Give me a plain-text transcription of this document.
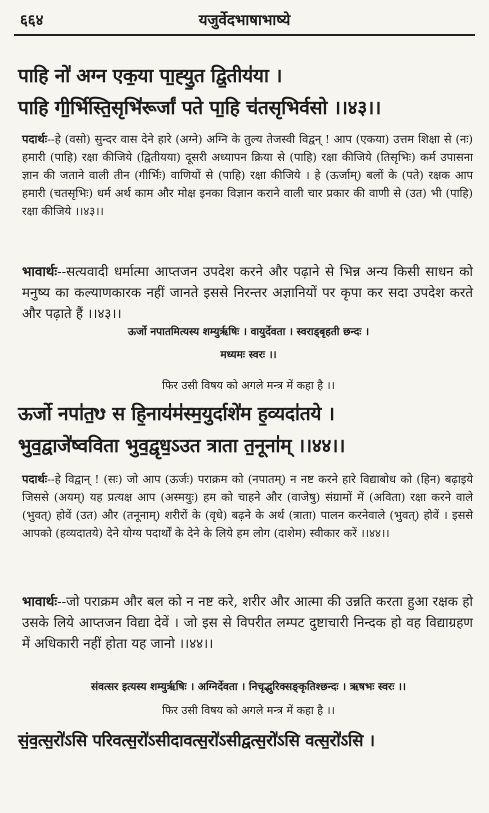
६६४	यजुर्वेदभाषाभाष्ये
पाहि नो॑ अग्न एक॒या पा॒ह्यु॒त द्वि॒तीय॑या ।
पाहि गी॒र्भिस्ति॒सृभि॑रूर्जां पते पा॒हि च॑तसृभिर्वसो ।।४३।।
पदार्थः--हे (वसो) सुन्दर वास देने हारे (अग्ने) अग्नि के तुल्य तेजस्वी विद्वन् ! आप (एकया) उत्तम शिक्षा से (नः) हमारी (पाहि) रक्षा कीजिये (द्वितीयया) दूसरी अध्यापन क्रिया से (पाहि) रक्षा कीजिये (तिसृभिः) कर्म उपासना ज्ञान की जताने वाली तीन (गीर्भिः) वाणियों से (पाहि) रक्षा कीजिये । हे (ऊर्जाम्) बलों के (पते) रक्षक आप हमारी (चतसृभिः) धर्म अर्थ काम और मोक्ष इनका विज्ञान कराने वाली चार प्रकार की वाणी से (उत) भी (पाहि) रक्षा कीजिये ।।४३।।
भावार्थः--सत्यवादी धर्मात्मा आप्तजन उपदेश करने और पढ़ाने से भिन्न अन्य किसी साधन को मनुष्य का कल्याणकारक नहीं जानते इससे निरन्तर अज्ञानियों पर कृपा कर सदा उपदेश करते और पढ़ाते हैं ।।४३।।
ऊर्जो नपातमित्यस्य शम्युर्ऋषिः । वायुर्देवता । स्वराड्बृहती छन्दः ।
मध्यमः स्वरः ।।
फिर उसी विषय को अगले मन्त्र में कहा है ।।
ऊर्जो नपा॑त॒ᳪ स हि॒नाय॑म॑स्म॒युर्दाशे॑म ह॒व्यदा॑तये ।
भुव॒द्वाजे॑ष्वविता भुव॒द्वृध॒ऽउत त्राता त॒नूना॑म् ।।४४।।
पदार्थः--हे विद्वान् ! (सः) जो आप (ऊर्जः) पराक्रम को (नपातम्) न नष्ट करने हारे विद्याबोध को (हिन) बढ़ाइये जिससे (अयम्) यह प्रत्यक्ष आप (अस्मयुः) हम को चाहने और (वाजेषु) संग्रामों में (अविता) रक्षा करने वाले (भुवत्) होवें (उत) और (तनूनाम्) शरीरों के (वृधे) बढ़ने के अर्थ (त्राता) पालन करनेवाले (भुवत्) होवें । इससे आपको (हव्यदातये) देने योग्य पदार्थों के देने के लिये हम लोग (दाशेम) स्वीकार करें ।।४४।।
भावार्थः--जो पराक्रम और बल को न नष्ट करे, शरीर और आत्मा की उन्नति करता हुआ रक्षक हो उसके लिये आप्तजन विद्या देवें । जो इस से विपरीत लम्पट दुष्टाचारी निन्दक हो वह विद्याग्रहण में अधिकारी नहीं होता यह जानो ।।४४।।
संवत्सर इत्यस्य शम्युर्ऋषिः । अग्निर्देवता । निचृद्भुरिक्सङ्कृतिश्छन्दः । ऋषभः स्वरः ।।
फिर उसी विषय को अगले मन्त्र में कहा है ।।
सं॒व॒त्स॒रो॑ऽसि परिवत्स॒रो॑ऽसीदावत्स॒रो॑ऽसीद्वत्स॒रो॑ऽसि वत्स॒रो॑ऽसि ।
